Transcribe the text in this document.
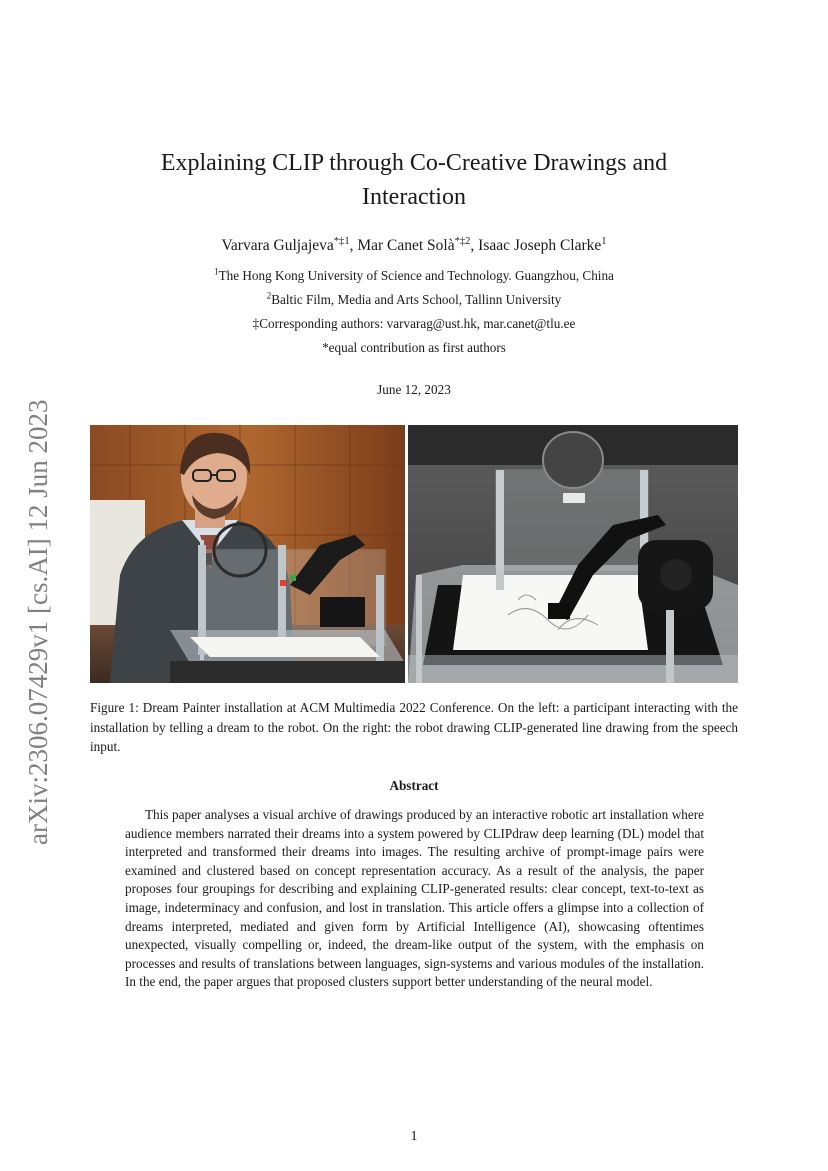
arXiv:2306.07429v1 [cs.AI] 12 Jun 2023
Explaining CLIP through Co-Creative Drawings and
Interaction
Varvara Guljajeva$^{*\ddagger 1}$, Mar Canet Solà$^{*\ddagger 2}$, Isaac Joseph Clarke$^1$
$^1$The Hong Kong University of Science and Technology. Guangzhou, China
$^2$Baltic Film, Media and Arts School, Tallinn University
‡Corresponding authors: varvarag@ust.hk, mar.canet@tlu.ee
*equal contribution as first authors
June 12, 2023
Figure 1: Dream Painter installation at ACM Multimedia 2022 Conference. On the left: a participant interacting with the installation by telling a dream to the robot. On the right: the robot drawing CLIP-generated line drawing from the speech input.
Abstract
This paper analyses a visual archive of drawings produced by an interactive robotic art installation where audience members narrated their dreams into a system powered by CLIPdraw deep learning (DL) model that interpreted and transformed their dreams into images. The resulting archive of prompt-image pairs were examined and clustered based on concept representation accuracy. As a result of the analysis, the paper proposes four groupings for describing and explaining CLIP-generated results: clear concept, text-to-text as image, indeterminacy and confusion, and lost in translation. This article offers a glimpse into a collection of dreams interpreted, mediated and given form by Artificial Intelligence (AI), showcasing oftentimes unexpected, visually compelling or, indeed, the dream-like output of the system, with the emphasis on processes and results of translations between languages, sign-systems and various modules of the installation. In the end, the paper argues that proposed clusters support better understanding of the neural model.
1
